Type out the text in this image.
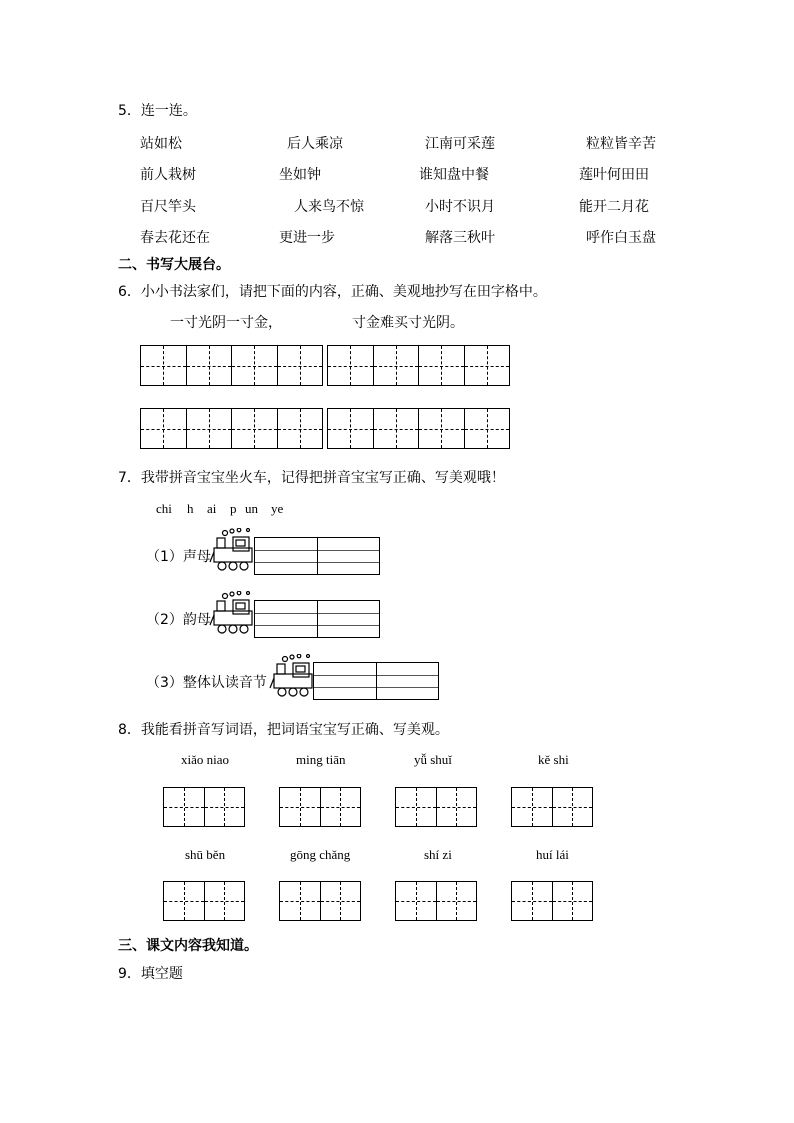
5．连一连。
站如松	后人乘凉	江南可采莲	粒粒皆辛苦
前人栽树	坐如钟	谁知盘中餐	莲叶何田田
百尺竿头	人来鸟不惊	小时不识月	能开二月花
春去花还在	更进一步	解落三秋叶	呼作白玉盘
二、书写大展台。
6．小小书法家们，请把下面的内容，正确、美观地抄写在田字格中。
一寸光阴一寸金，	寸金难买寸光阴。
7．我带拼音宝宝坐火车，记得把拼音宝宝写正确、写美观哦！
chi h ai p un ye
（1）声母
（2）韵母
（3）整体认读音节
8．我能看拼音写词语，把词语宝宝写正确、写美观。
xiǎo niao	ming tiān	yǚ shuǐ	kě shi
shū běn	gōng chǎng	shí zi	huí lái
三、课文内容我知道。
9．填空题
